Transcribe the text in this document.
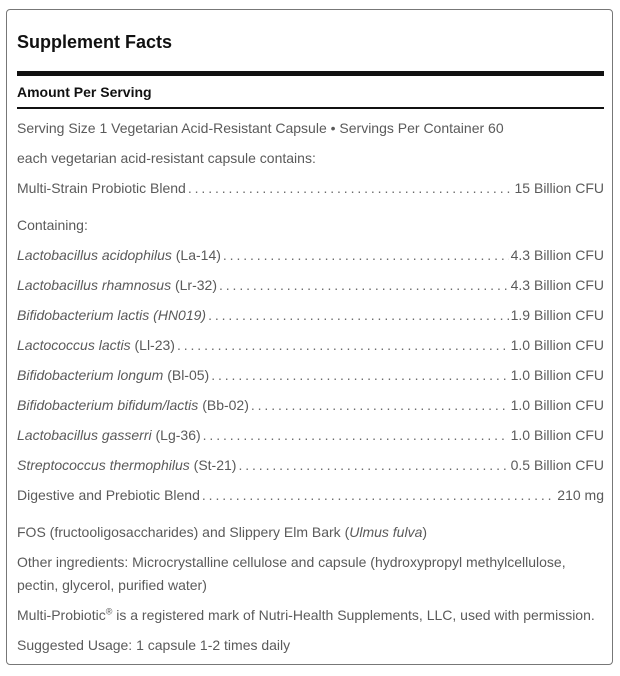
Supplement Facts
Amount Per Serving
Serving Size 1 Vegetarian Acid-Resistant Capsule • Servings Per Container 60
each vegetarian acid-resistant capsule contains:
Multi-Strain Probiotic Blend . . .	15 Billion CFU
Containing:
Lactobacillus acidophilus (La-14) . . .	4.3 Billion CFU
Lactobacillus rhamnosus (Lr-32) . . .	4.3 Billion CFU
Bifidobacterium lactis (HN019) . . .	1.9 Billion CFU
Lactococcus lactis (Ll-23) . . .	1.0 Billion CFU
Bifidobacterium longum (Bl-05) . . .	1.0 Billion CFU
Bifidobacterium bifidum/lactis (Bb-02) . . .	1.0 Billion CFU
Lactobacillus gasserri (Lg-36) . . .	1.0 Billion CFU
Streptococcus thermophilus (St-21) . . .	0.5 Billion CFU
Digestive and Prebiotic Blend . . .	210 mg
FOS (fructooligosaccharides) and Slippery Elm Bark (Ulmus fulva)
Other ingredients: Microcrystalline cellulose and capsule (hydroxypropyl methylcellulose, pectin, glycerol, purified water)
Multi-Probiotic® is a registered mark of Nutri-Health Supplements, LLC, used with permission.
Suggested Usage: 1 capsule 1-2 times daily
